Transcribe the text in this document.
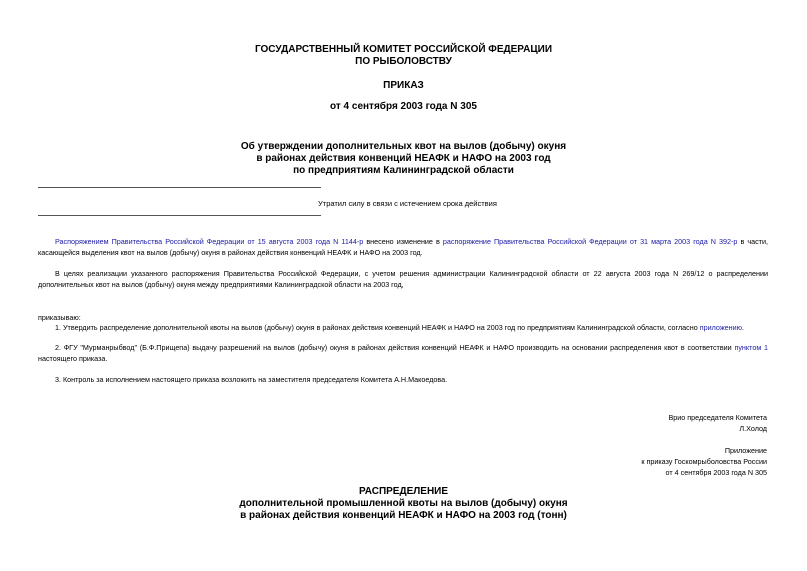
ГОСУДАРСТВЕННЫЙ КОМИТЕТ РОССИЙСКОЙ ФЕДЕРАЦИИ
ПО РЫБОЛОВСТВУ
ПРИКАЗ
от 4 сентября 2003 года N 305
Об утверждении дополнительных квот на вылов (добычу) окуня
в районах действия конвенций НЕАФК и НАФО на 2003 год
по предприятиям Калининградской области
Утратил силу в связи с истечением срока действия
Распоряжением Правительства Российской Федерации от 15 августа 2003 года N 1144-р внесено изменение в распоряжение Правительства Российской Федерации от 31 марта 2003 года N 392-р в части, касающейся выделения квот на вылов (добычу) окуня в районах действия конвенций НЕАФК и НАФО на 2003 год.
В целях реализации указанного распоряжения Правительства Российской Федерации, с учетом решения администрации Калининградской области от 22 августа 2003 года N 269/12 о распределении дополнительных квот на вылов (добычу) окуня между предприятиями Калининградской области на 2003 год,
приказываю:
1. Утвердить распределение дополнительной квоты на вылов (добычу) окуня в районах действия конвенций НЕАФК и НАФО на 2003 год по предприятиям Калининградской области, согласно приложению.
2. ФГУ "Мурманрыбвод" (Б.Ф.Прищепа) выдачу разрешений на вылов (добычу) окуня в районах действия конвенций НЕАФК и НАФО производить на основании распределения квот в соответствии пунктом 1 настоящего приказа.
3. Контроль за исполнением настоящего приказа возложить на заместителя председателя Комитета А.Н.Макоедова.
Врио председателя Комитета
Л.Холод
Приложение
к приказу Госкомрыболовства России
от 4 сентября 2003 года N 305
РАСПРЕДЕЛЕНИЕ
дополнительной промышленной квоты на вылов (добычу) окуня
в районах действия конвенций НЕАФК и НАФО на 2003 год (тонн)
